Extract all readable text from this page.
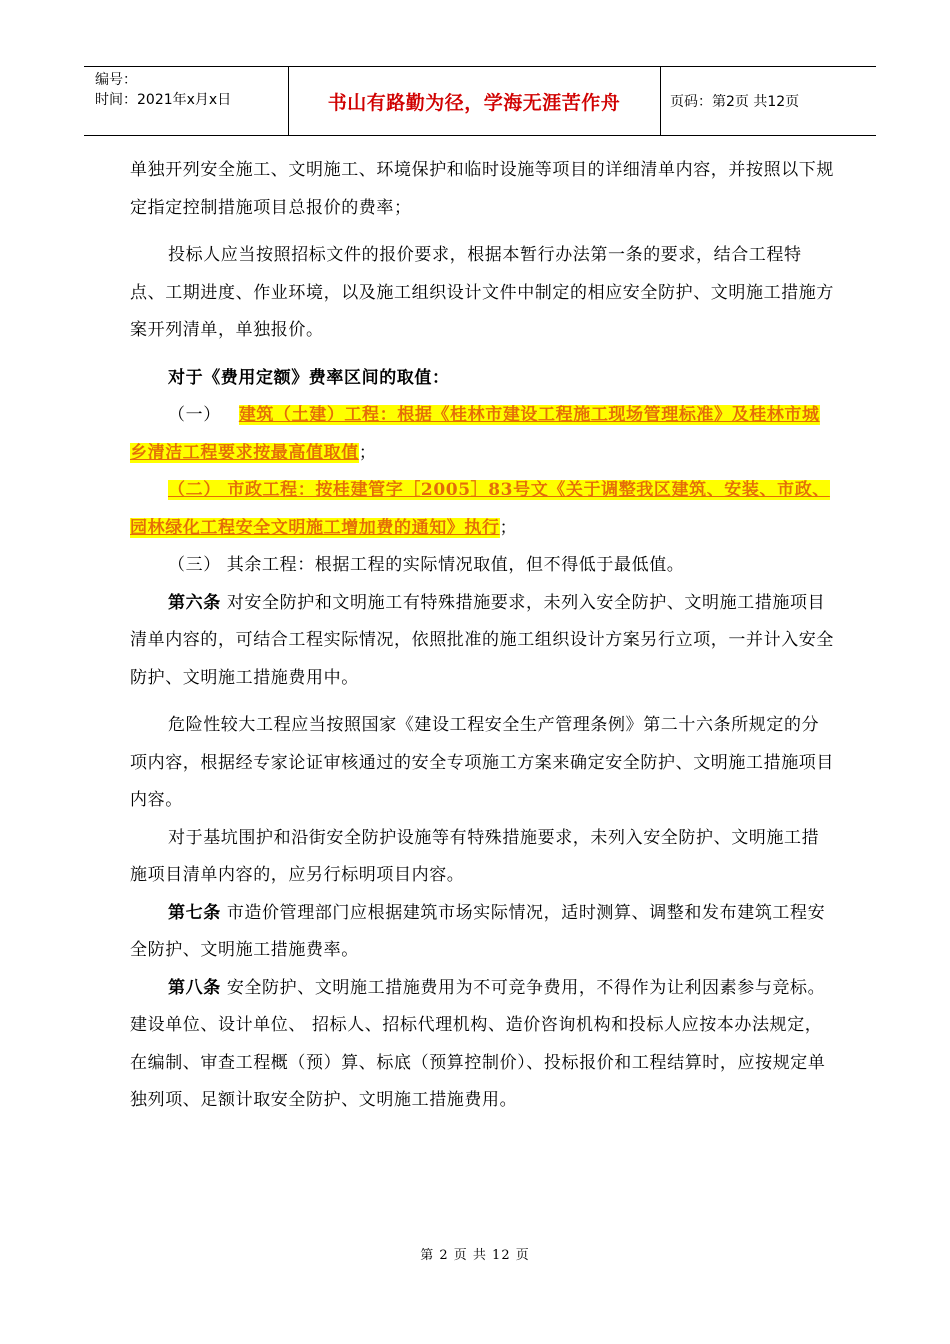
编号：
时间：2021年x月x日	书山有路勤为径，学海无涯苦作舟	页码：第2页 共12页

单独开列安全施工、文明施工、环境保护和临时设施等项目的详细清单内容，并按照以下规定指定控制措施项目总报价的费率；

投标人应当按照招标文件的报价要求，根据本暂行办法第一条的要求，结合工程特点、工期进度、作业环境，以及施工组织设计文件中制定的相应安全防护、文明施工措施方案开列清单，单独报价。

对于《费用定额》费率区间的取值：

（一） 建筑（土建）工程：根据《桂林市建设工程施工现场管理标准》及桂林市城乡清洁工程要求按最高值取值；

（二） 市政工程：按桂建管字［2005］83号文《关于调整我区建筑、安装、市政、园林绿化工程安全文明施工增加费的通知》执行；

（三） 其余工程：根据工程的实际情况取值，但不得低于最低值。

第六条 对安全防护和文明施工有特殊措施要求，未列入安全防护、文明施工措施项目清单内容的，可结合工程实际情况，依照批准的施工组织设计方案另行立项，一并计入安全防护、文明施工措施费用中。

危险性较大工程应当按照国家《建设工程安全生产管理条例》第二十六条所规定的分项内容，根据经专家论证审核通过的安全专项施工方案来确定安全防护、文明施工措施项目内容。

对于基坑围护和沿街安全防护设施等有特殊措施要求，未列入安全防护、文明施工措施项目清单内容的，应另行标明项目内容。

第七条 市造价管理部门应根据建筑市场实际情况，适时测算、调整和发布建筑工程安全防护、文明施工措施费率。

第八条 安全防护、文明施工措施费用为不可竞争费用，不得作为让利因素参与竞标。建设单位、设计单位、 招标人、招标代理机构、造价咨询机构和投标人应按本办法规定，在编制、审查工程概（预）算、标底（预算控制价）、投标报价和工程结算时，应按规定单独列项、足额计取安全防护、文明施工措施费用。

第 2 页 共 12 页
